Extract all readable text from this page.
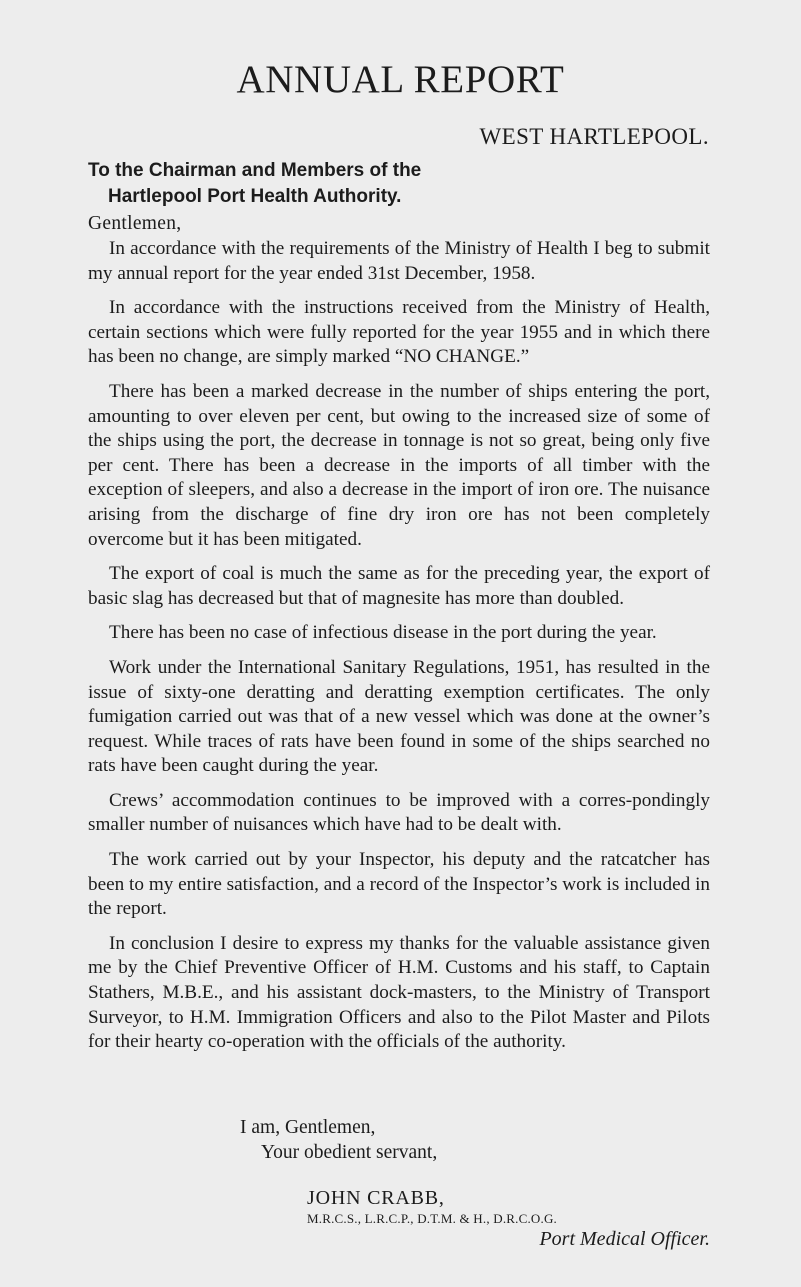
ANNUAL REPORT
WEST HARTLEPOOL.
To the Chairman and Members of the
Hartlepool Port Health Authority.
Gentlemen,

In accordance with the requirements of the Ministry of Health I beg to submit my annual report for the year ended 31st December, 1958.

In accordance with the instructions received from the Ministry of Health, certain sections which were fully reported for the year 1955 and in which there has been no change, are simply marked “NO CHANGE.”

There has been a marked decrease in the number of ships entering the port, amounting to over eleven per cent, but owing to the increased size of some of the ships using the port, the decrease in tonnage is not so great, being only five per cent. There has been a decrease in the imports of all timber with the exception of sleepers, and also a decrease in the import of iron ore. The nuisance arising from the discharge of fine dry iron ore has not been completely overcome but it has been mitigated.

The export of coal is much the same as for the preceding year, the export of basic slag has decreased but that of magnesite has more than doubled.

There has been no case of infectious disease in the port during the year.

Work under the International Sanitary Regulations, 1951, has resulted in the issue of sixty-one deratting and deratting exemption certificates. The only fumigation carried out was that of a new vessel which was done at the owner’s request. While traces of rats have been found in some of the ships searched no rats have been caught during the year.

Crews’ accommodation continues to be improved with a corres-pondingly smaller number of nuisances which have had to be dealt with.

The work carried out by your Inspector, his deputy and the ratcatcher has been to my entire satisfaction, and a record of the Inspector’s work is included in the report.

In conclusion I desire to express my thanks for the valuable assistance given me by the Chief Preventive Officer of H.M. Customs and his staff, to Captain Stathers, M.B.E., and his assistant dock-masters, to the Ministry of Transport Surveyor, to H.M. Immigration Officers and also to the Pilot Master and Pilots for their hearty co-operation with the officials of the authority.

I am, Gentlemen,
Your obedient servant,
JOHN CRABB,
M.R.C.S., L.R.C.P., D.T.M. & H., D.R.C.O.G.
Port Medical Officer.
